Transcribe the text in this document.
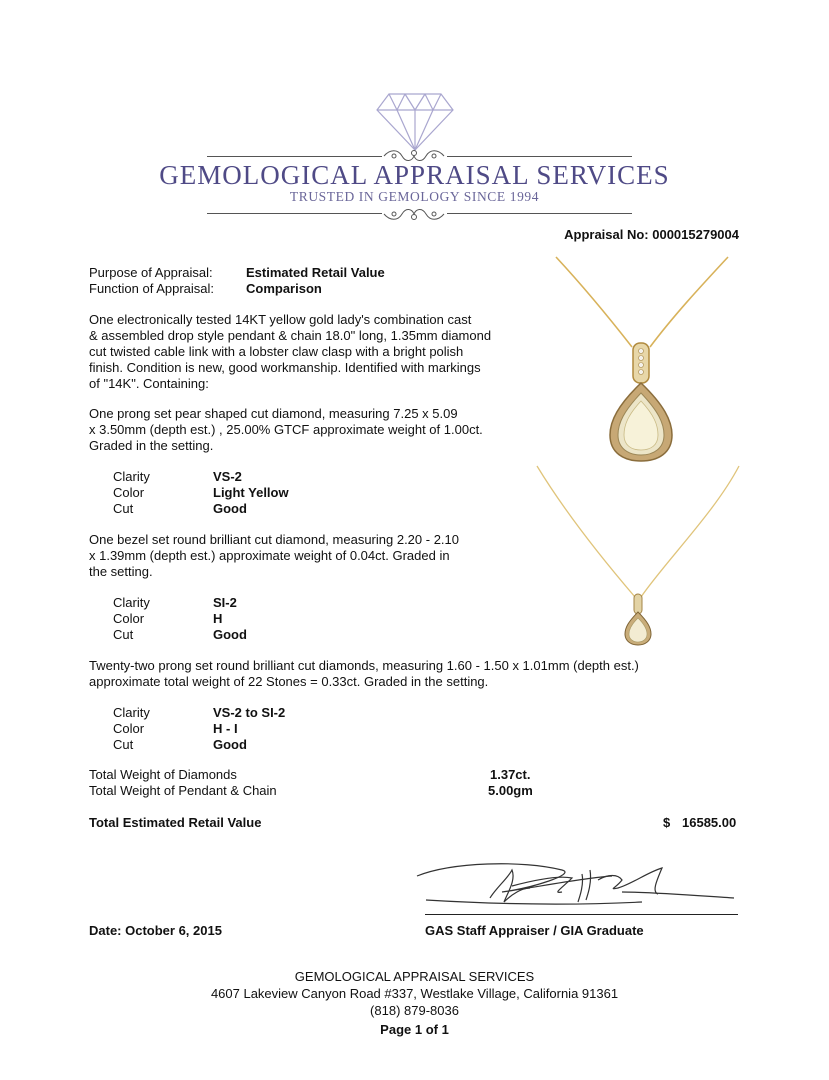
GEMOLOGICAL APPRAISAL SERVICES
TRUSTED IN GEMOLOGY SINCE 1994
Appraisal No: 000015279004
Purpose of Appraisal:	Estimated Retail Value
Function of Appraisal: Comparison
One electronically tested 14KT yellow gold lady's combination cast
& assembled drop style pendant & chain 18.0" long, 1.35mm diamond
cut twisted cable link with a lobster claw clasp with a bright polish
finish. Condition is new, good workmanship. Identified with markings
of "14K". Containing:
One prong set pear shaped cut diamond, measuring 7.25 x 5.09
x 3.50mm (depth est.) , 25.00% GTCF approximate weight of 1.00ct.
Graded in the setting.
Clarity	VS-2
Color	Light Yellow
Cut	Good
One bezel set round brilliant cut diamond, measuring 2.20 - 2.10
x 1.39mm (depth est.) approximate weight of 0.04ct. Graded in
the setting.
Clarity	SI-2
Color	H
Cut	Good
Twenty-two prong set round brilliant cut diamonds, measuring 1.60 - 1.50 x 1.01mm (depth est.)
approximate total weight of 22 Stones = 0.33ct. Graded in the setting.
Clarity	VS-2 to SI-2
Color	H - I
Cut	Good
Total Weight of Diamonds	1.37ct.
Total Weight of Pendant & Chain	5.00gm
Total Estimated Retail Value	$ 16585.00
Date: October 6, 2015	GAS Staff Appraiser / GIA Graduate
GEMOLOGICAL APPRAISAL SERVICES
4607 Lakeview Canyon Road #337, Westlake Village, California 91361
(818) 879-8036
Page 1 of 1
